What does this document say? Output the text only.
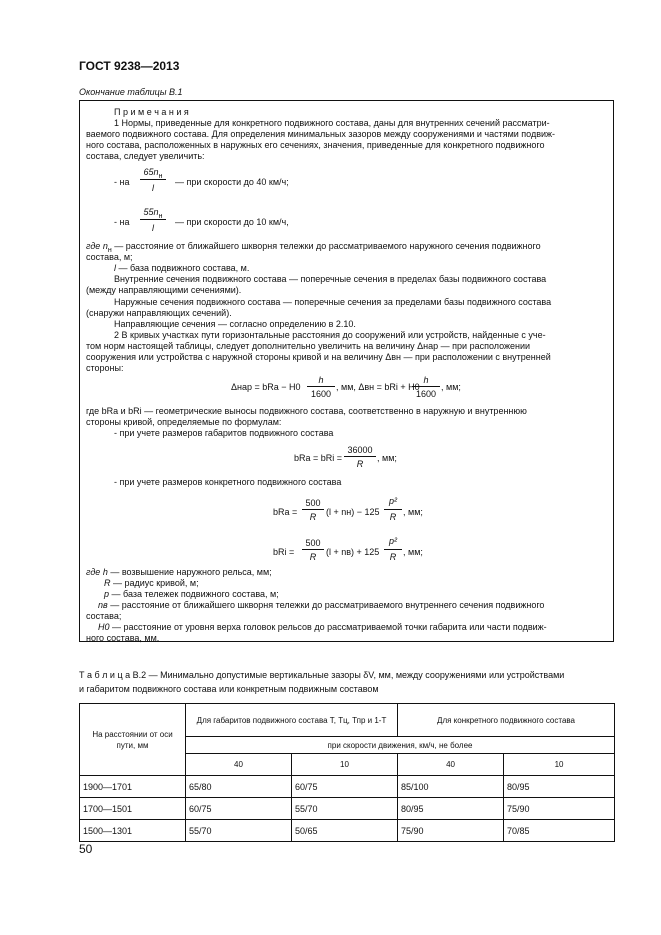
ГОСТ 9238—2013
Окончание таблицы В.1
П р и м е ч а н и я
1 Нормы, приведенные для конкретного подвижного состава, даны для внутренних сечений рассматри-
ваемого подвижного состава. Для определения минимальных зазоров между сооружениями и частями подвиж-
ного состава, расположенных в наружных его сечениях, значения, приведенные для конкретного подвижного
состава, следует увеличить:
- на
$65n_н$
l
— при скорости до 40 км/ч;
- на
$55n_н$
l
— при скорости до 10 км/ч,
где $n_н$ — расстояние от ближайшего шкворня тележки до рассматриваемого наружного сечения подвижного
состава, м;
l — база подвижного состава, м.
Внутренние сечения подвижного состава — поперечные сечения в пределах базы подвижного состава
(между направляющими сечениями).
Наружные сечения подвижного состава — поперечные сечения за пределами базы подвижного состава
(снаружи направляющих сечений).
Направляющие сечения — согласно определению в 2.10.
2 В кривых участках пути горизонтальные расстояния до сооружений или устройств, найденные с уче-
том норм настоящей таблицы, следует дополнительно увеличить на величину Δнар — при расположении
сооружения или устройства с наружной стороны кривой и на величину Δвн — при расположении с внутренней
стороны:
Δнар = bRa − H0
h
1600
, мм, Δвн = bRi + H0
h
1600
, мм;
где bRa и bRi — геометрические выносы подвижного состава, соответственно в наружную и внутреннюю
стороны кривой, определяемые по формулам:
- при учете размеров габаритов подвижного состава
bRa = bRi =
36000
R
, мм;
- при учете размеров конкретного подвижного состава
bRa =
500
R	(l + nн) − 125
p²
R , мм;
bRi =
500
R	(l + nв) + 125
p²
R , мм;
где h — возвышение наружного рельса, мм;
R — радиус кривой, м;
p — база тележек подвижного состава, м;
nв — расстояние от ближайшего шкворня тележки до рассматриваемого внутреннего сечения подвижного
состава;
H0 — расстояние от уровня верха головок рельсов до рассматриваемой точки габарита или части подвиж-
ного состава, мм.
Т а б л и ц а В.2 — Минимально допустимые вертикальные зазоры δV, мм, между сооружениями или устройствами
и габаритом подвижного состава или конкретным подвижным составом
На расстоянии от оси пути, мм	Для габаритов подвижного состава Т, Тц, Тпр и 1-Т		Для конкретного подвижного состава	
	при скорости движения, км/ч, не более			
	40	10	40	10
1900—1701	65/80	60/75	85/100	80/95
1700—1501	60/75	55/70	80/95	75/90
1500—1301	55/70	50/65	75/90	70/85
50
